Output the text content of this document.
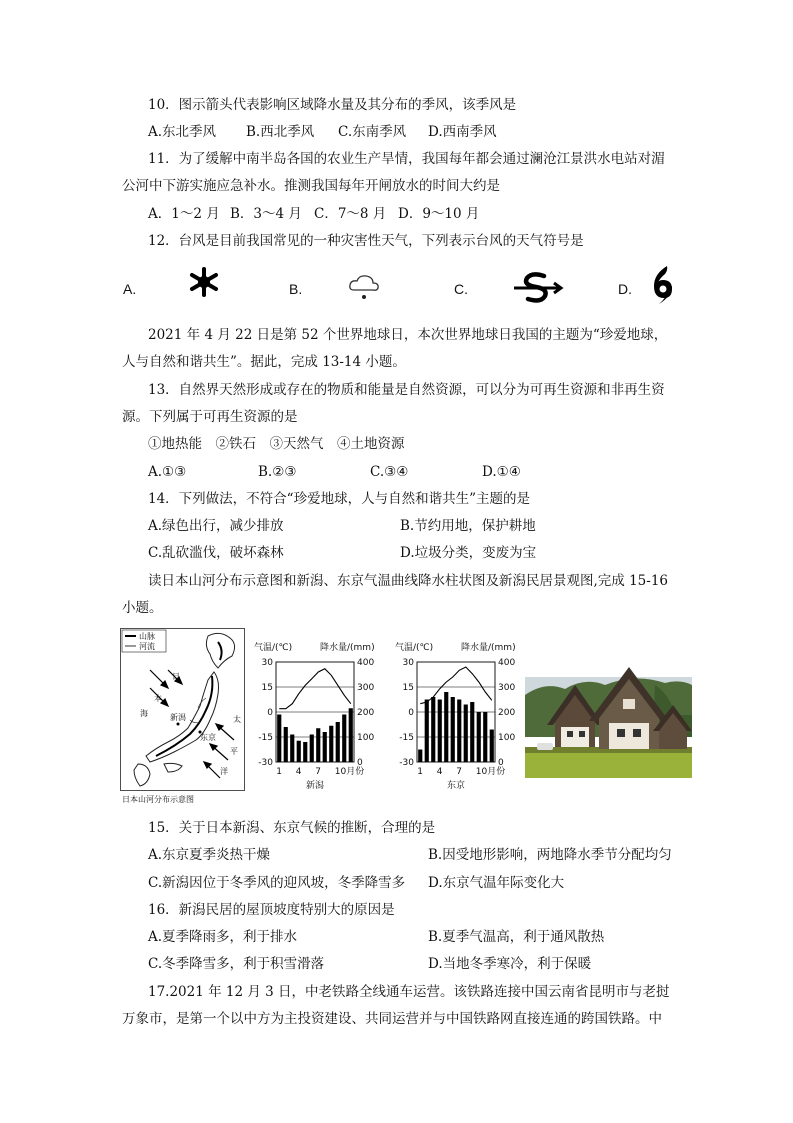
10．图示箭头代表影响区域降水量及其分布的季风，该季风是
A.东北季风 B.西北季风 C.东南季风 D.西南季风
11．为了缓解中南半岛各国的农业生产旱情，我国每年都会通过澜沧江景洪水电站对湄
公河中下游实施应急补水。推测我国每年开闸放水的时间大约是
A．1～2 月 B．3～4 月 C．7～8 月 D．9～10 月
12．台风是目前我国常见的一种灾害性天气，下列表示台风的天气符号是
A.	B.	C.	D.
2021 年 4 月 22 日是第 52 个世界地球日，本次世界地球日我国的主题为“珍爱地球，
人与自然和谐共生”。据此，完成 13-14 小题。
13．自然界天然形成或存在的物质和能量是自然资源，可以分为可再生资源和非再生资
源。下列属于可再生资源的是
①地热能　②铁石　③天然气　④土地资源
A.①③	B.②③	C.③④	D.①④
14．下列做法，不符合“珍爱地球，人与自然和谐共生”主题的是
A.绿色出行，减少排放	B.节约用地，保护耕地
C.乱砍滥伐，破坏森林	D.垃圾分类，变废为宝
读日本山河分布示意图和新潟、东京气温曲线降水柱状图及新潟民居景观图,完成 15-16
小题。
山脉
河流
日
本
海	新潟	太
平
洋
东京
日本山河分布示意图
气温/(℃)	降水量/(mm)
30
15
0
-15
-30
400
300
200
100
0
1 4 7 10月份
新潟
气温/(℃)	降水量/(mm)
30
15
0
-15
-30
400
300
200
100
0
1 4 7 10月份
东京
15．关于日本新潟、东京气候的推断，合理的是
A.东京夏季炎热干燥	B.因受地形影响，两地降水季节分配均匀
C.新潟因位于冬季风的迎风坡，冬季降雪多 D.东京气温年际变化大
16．新潟民居的屋顶坡度特别大的原因是
A.夏季降雨多，利于排水	B.夏季气温高，利于通风散热
C.冬季降雪多，利于积雪滑落	D.当地冬季寒冷，利于保暖
17.2021 年 12 月 3 日，中老铁路全线通车运营。该铁路连接中国云南省昆明市与老挝
万象市，是第一个以中方为主投资建设、共同运营并与中国铁路网直接连通的跨国铁路。中
